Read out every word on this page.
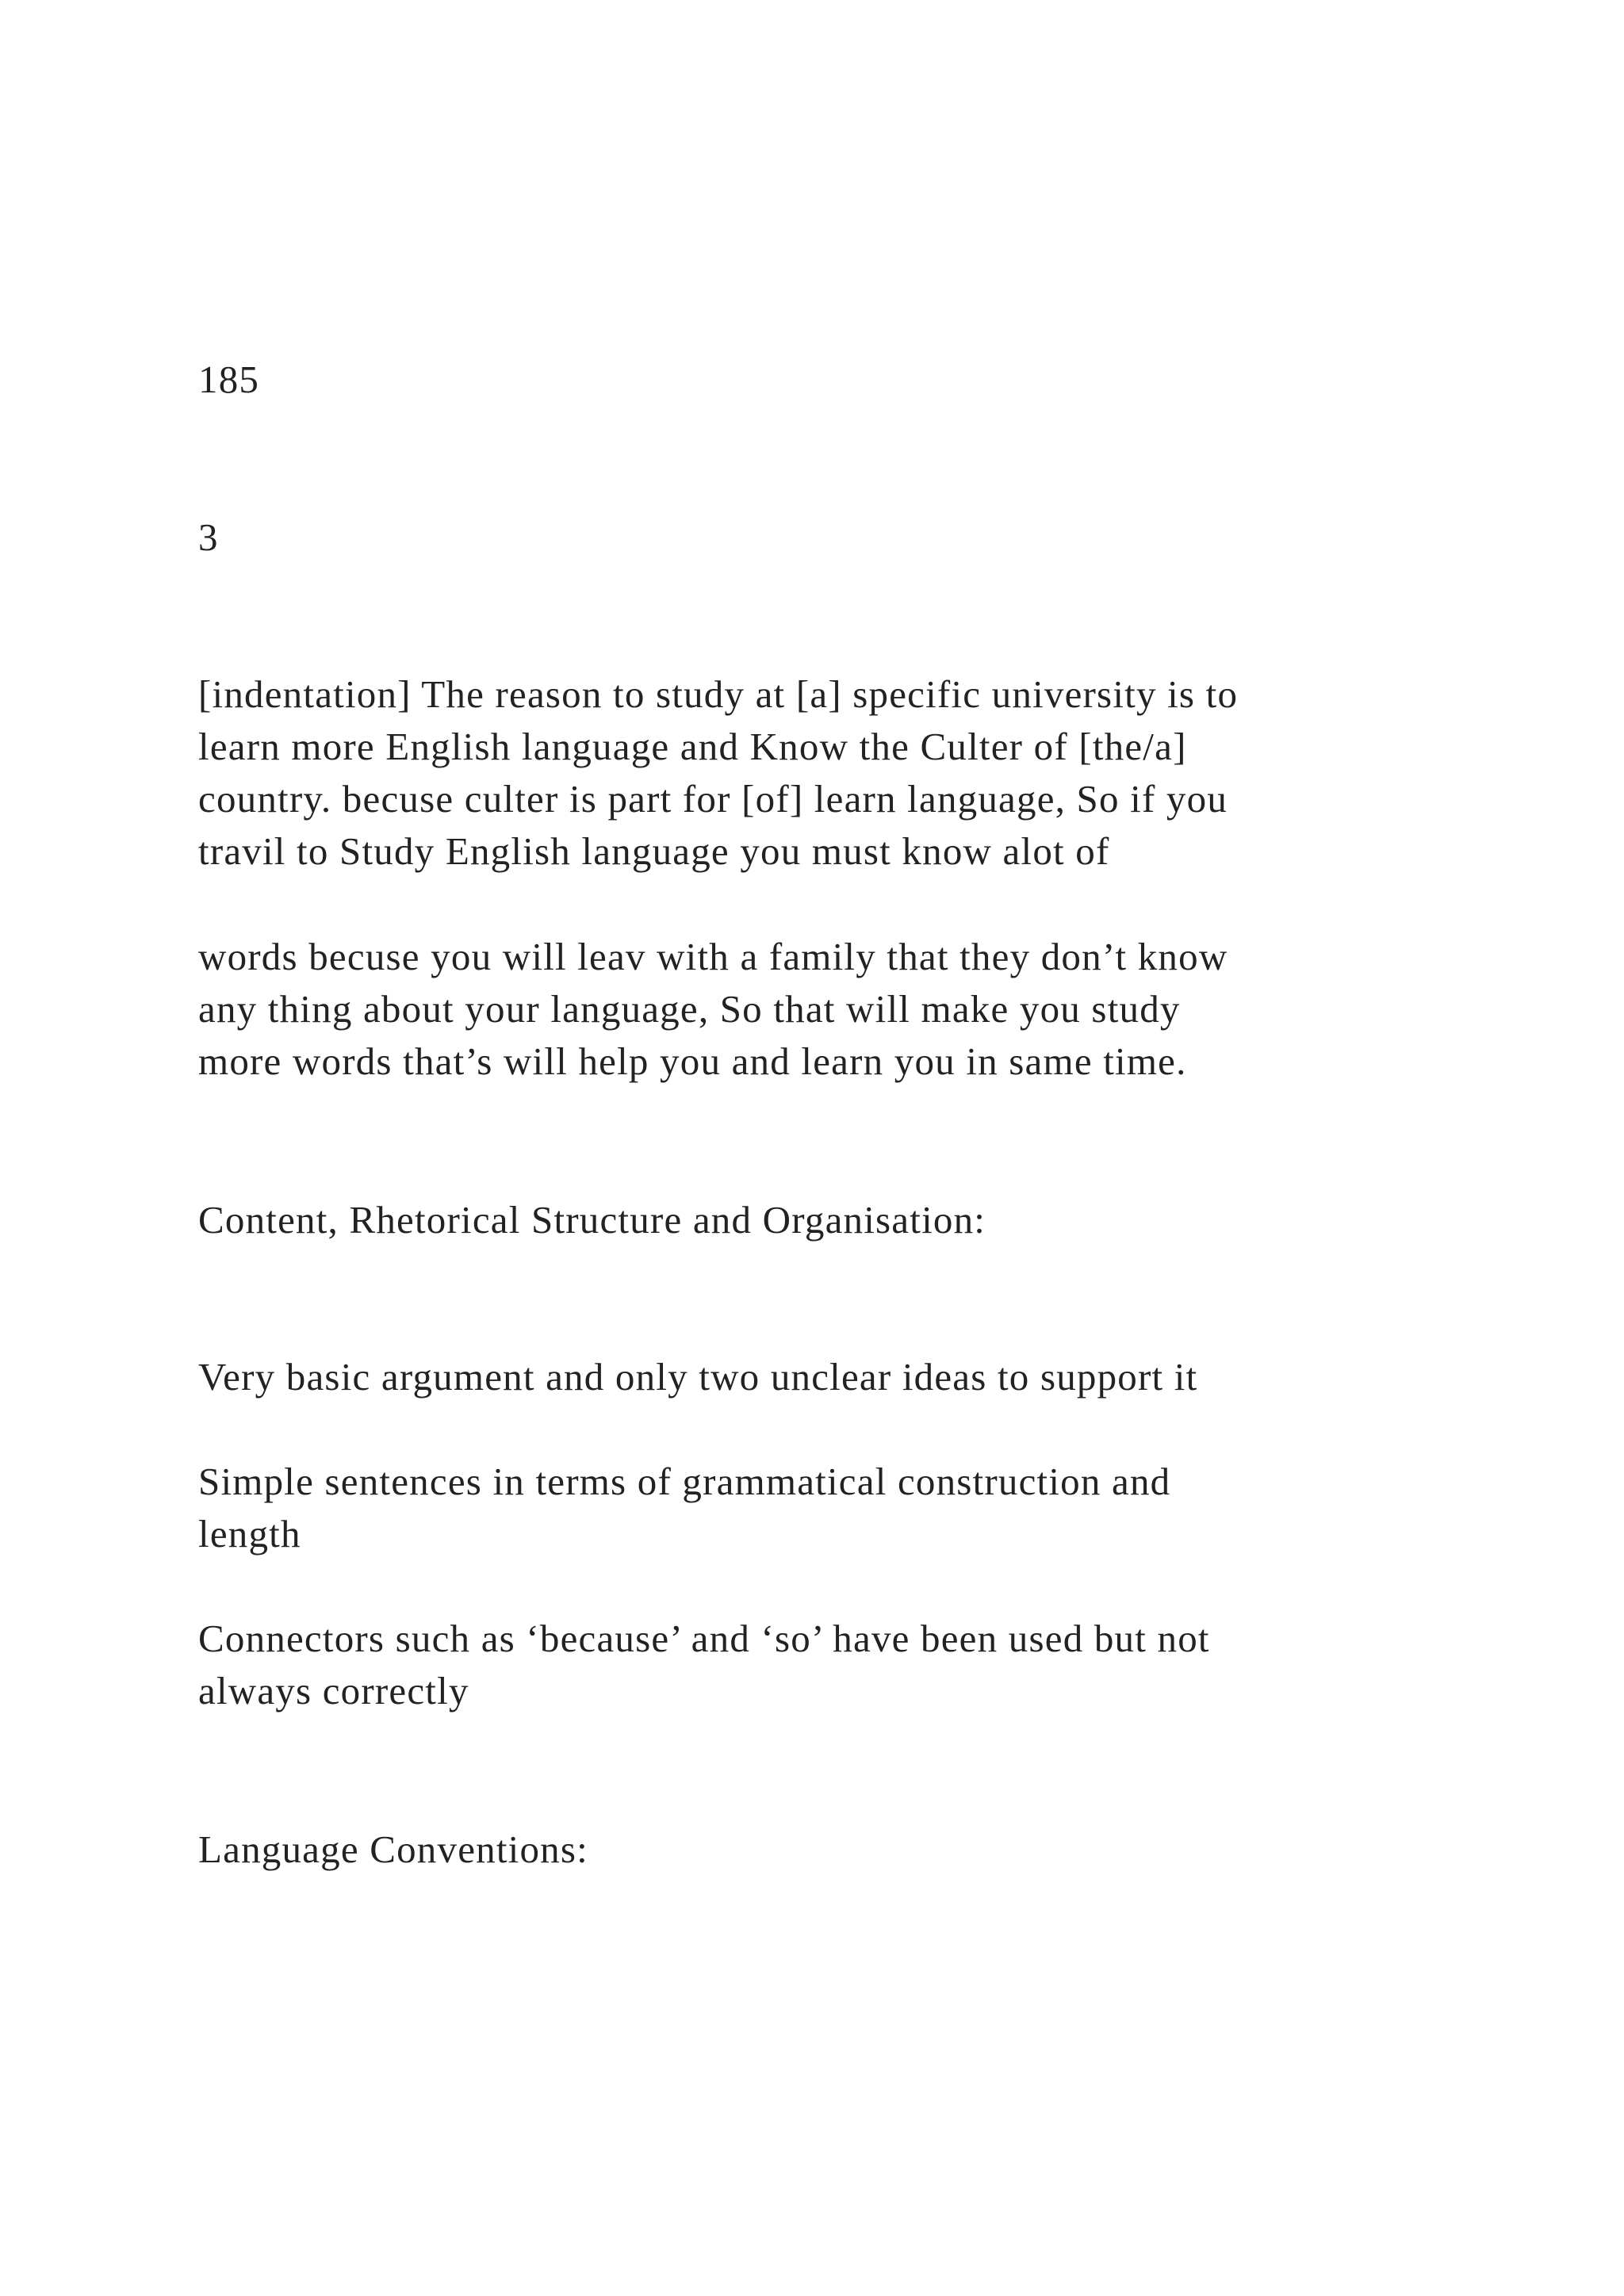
185

3

[indentation] The reason to study at [a] specific university is to
learn more English language and Know the Culter of [the/a]
country. becuse culter is part for [of] learn language, So if you
travil to Study English language you must know alot of
words becuse you will leav with a family that they don’t know
any thing about your language, So that will make you study
more words that’s will help you and learn you in same time.

Content, Rhetorical Structure and Organisation:

Very basic argument and only two unclear ideas to support it

Simple sentences in terms of grammatical construction and
length
Connectors such as ‘because’ and ‘so’ have been used but not
always correctly

Language Conventions:
